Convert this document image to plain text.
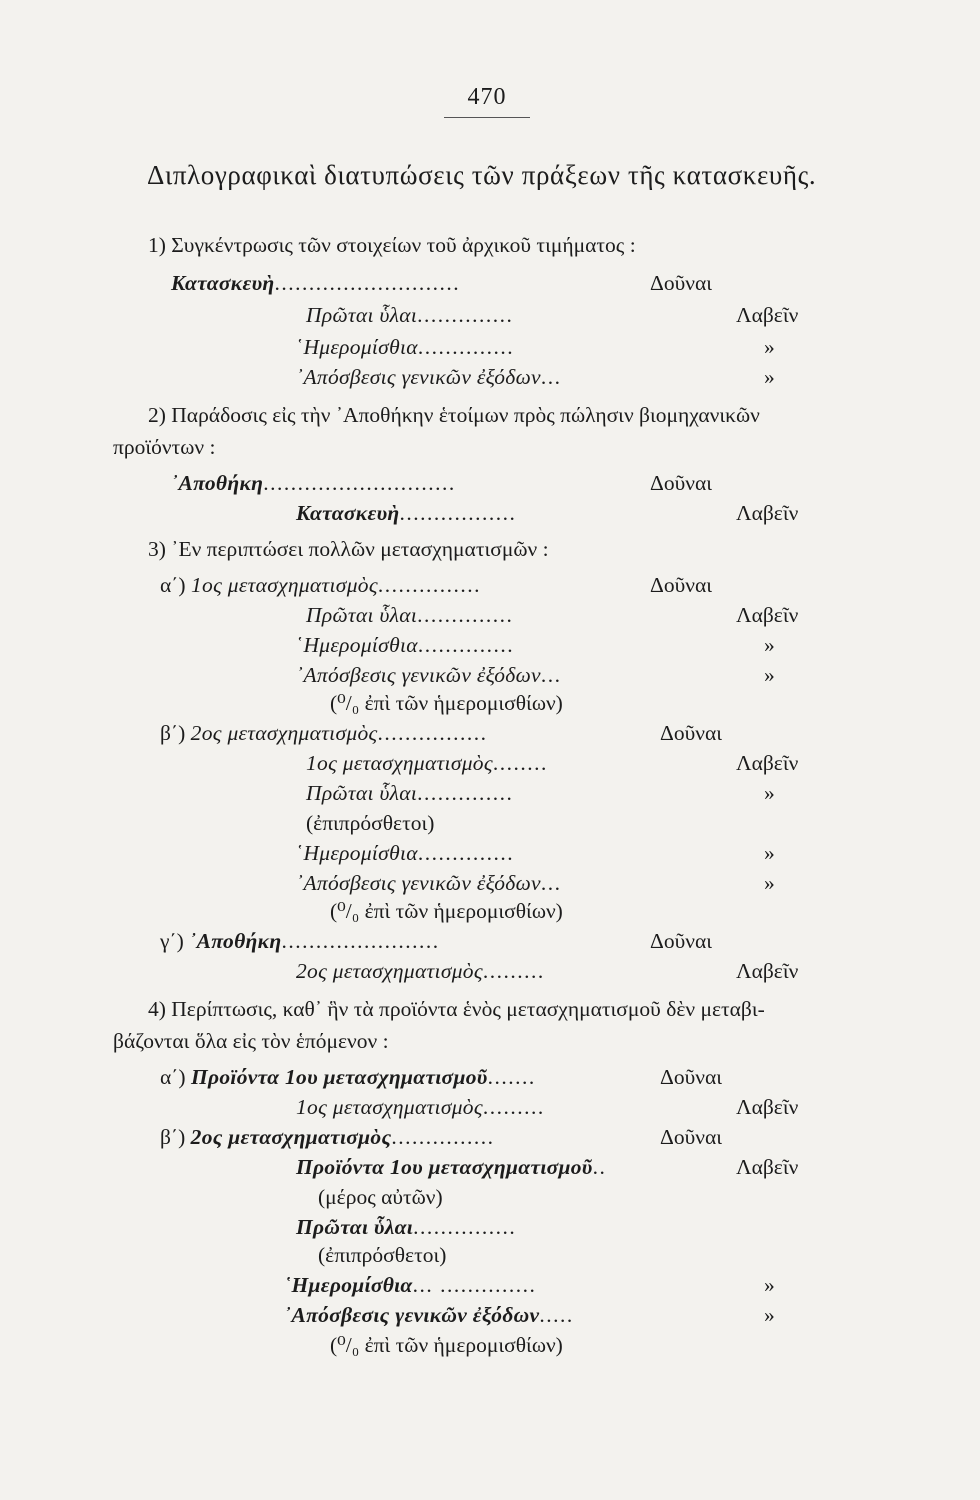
470
Διπλογραφικαὶ διατυπώσεις τῶν πράξεων τῆς κατασκευῆς.
1) Συγκέντρωσις τῶν στοιχείων τοῦ ἀρχικοῦ τιμήματος :
Κατασκευὴ...........................	Δοῦναι
Πρῶται ὗλαι..............	Λαβεῖν
῾Ημερομίσθια..............	»
᾿Απόσβεσις γενικῶν ἐξόδων...	»
2) Παράδοσις εἰς τὴν ᾿Αποθήκην ἑτοίμων πρὸς πώλησιν βιομηχανικῶν
προϊόντων :
᾿Αποθήκη............................	Δοῦναι
Κατασκευὴ.................	Λαβεῖν
3) ᾿Εν περιπτώσει πολλῶν μετασχηματισμῶν :
α΄) 1ος μετασχηματισμὸς...............	Δοῦναι
Πρῶται ὗλαι..............	Λαβεῖν
῾Ημερομίσθια..............	»
᾿Απόσβεσις γενικῶν ἐξόδων...	»
(⁰/₀ ἐπὶ τῶν ἡμερομισθίων)
β΄) 2ος μετασχηματισμὸς................	Δοῦναι
1ος μετασχηματισμὸς........	Λαβεῖν
Πρῶται ὗλαι..............	»
(ἐπιπρόσθετοι)
῾Ημερομίσθια..............	»
᾿Απόσβεσις γενικῶν ἐξόδων...	»
(⁰/₀ ἐπὶ τῶν ἡμερομισθίων)
γ΄) ᾿Αποθήκη.......................	Δοῦναι
2ος μετασχηματισμὸς.........	Λαβεῖν
4) Περίπτωσις, καθ᾿ ἣν τὰ προϊόντα ἑνὸς μετασχηματισμοῦ δὲν μεταβι-
βάζονται ὅλα εἰς τὸν ἑπόμενον :
α΄) Προϊόντα 1ου μετασχηματισμοῦ.......	Δοῦναι
1ος μετασχηματισμὸς.........	Λαβεῖν
β΄) 2ος μετασχηματισμὸς...............	Δοῦναι
Προϊόντα 1ου μετασχηματισμοῦ..	Λαβεῖν
(μέρος αὐτῶν)
Πρῶται ὗλαι...............
(ἐπιπρόσθετοι)
῾Ημερομίσθια... ..............	»
᾿Απόσβεσις γενικῶν ἐξόδων.....	»
(⁰/₀ ἐπὶ τῶν ἡμερομισθίων)
